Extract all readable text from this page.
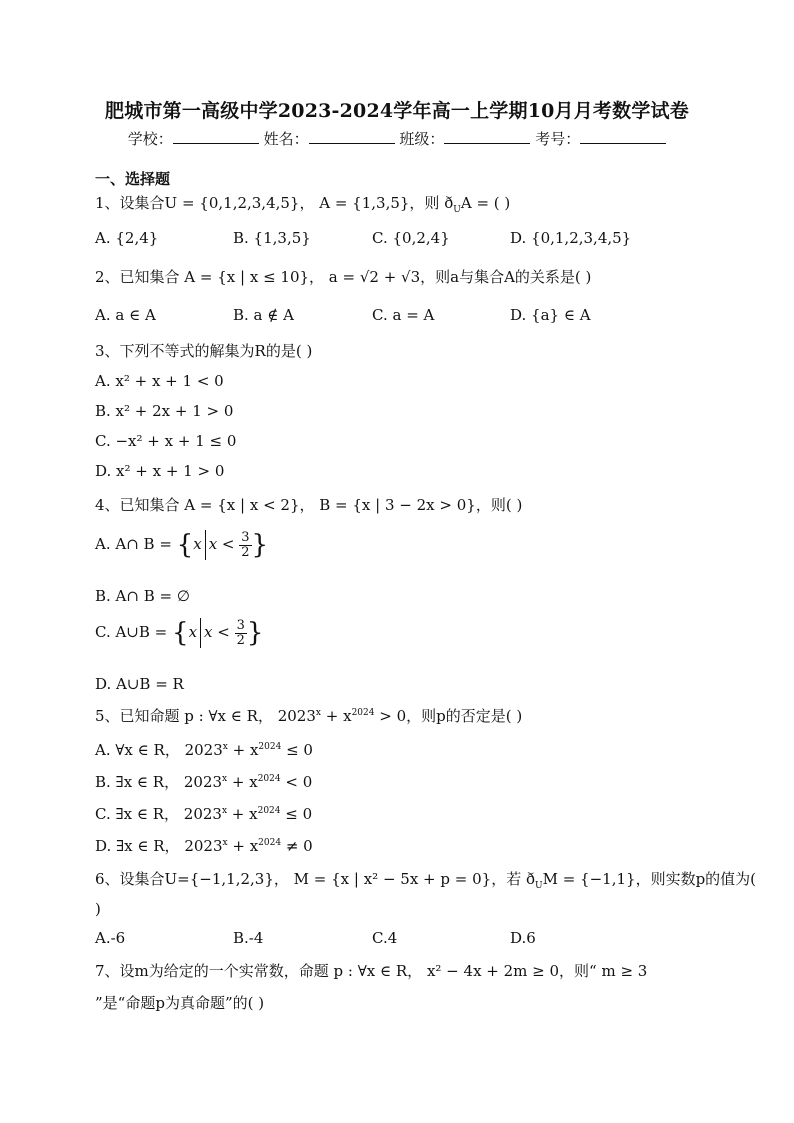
肥城市第一高级中学2023-2024学年高一上学期10月月考数学试卷
学校：	姓名：	班级：	考号：
一、选择题
1、设集合U = {0,1,2,3,4,5}， A = {1,3,5}，则 $ð_UA$ = ( )
A. {2,4}	B. {1,3,5}	C. {0,2,4}	D. {0,1,2,3,4,5}
2、已知集合 A = {x | x ≤ 10}， a = √2 + √3，则a与集合A的关系是( )
A. a ∈ A	B. a ∉ A	C. a = A	D. {a} ∈ A
3、下列不等式的解集为R的是( )
A. x² + x + 1 < 0
B. x² + 2x + 1 > 0
C. −x² + x + 1 ≤ 0
D. x² + x + 1 > 0
4、已知集合 A = {x | x < 2}， B = {x | 3 − 2x > 0}，则( )
A. A∩ B = {x $x < \frac{3}{2}$ }
B. A∩ B = ∅
C. A∪B = {x $x < \frac{3}{2}$ }
D. A∪B = R
5、已知命题 p : ∀x ∈ R， $2023^x + x^{2024} > 0$，则p的否定是( )
A. ∀x ∈ R， $2023^x + x^{2024} \le 0$
B. ∃x ∈ R， $2023^x + x^{2024} < 0$
C. ∃x ∈ R， $2023^x + x^{2024} \le 0$
D. ∃x ∈ R， $2023^x + x^{2024} \ne 0$
6、设集合U={−1,1,2,3}， M = {x | x² − 5x + p = 0}，若 $ð_UM = \{-1,1\}$，则实数p的值为(
)
A.-6	B.-4	C.4	D.6
7、设m为给定的一个实常数，命题 p : ∀x ∈ R， x² − 4x + 2m ≥ 0，则“ m ≥ 3
”是“命题p为真命题”的( )
